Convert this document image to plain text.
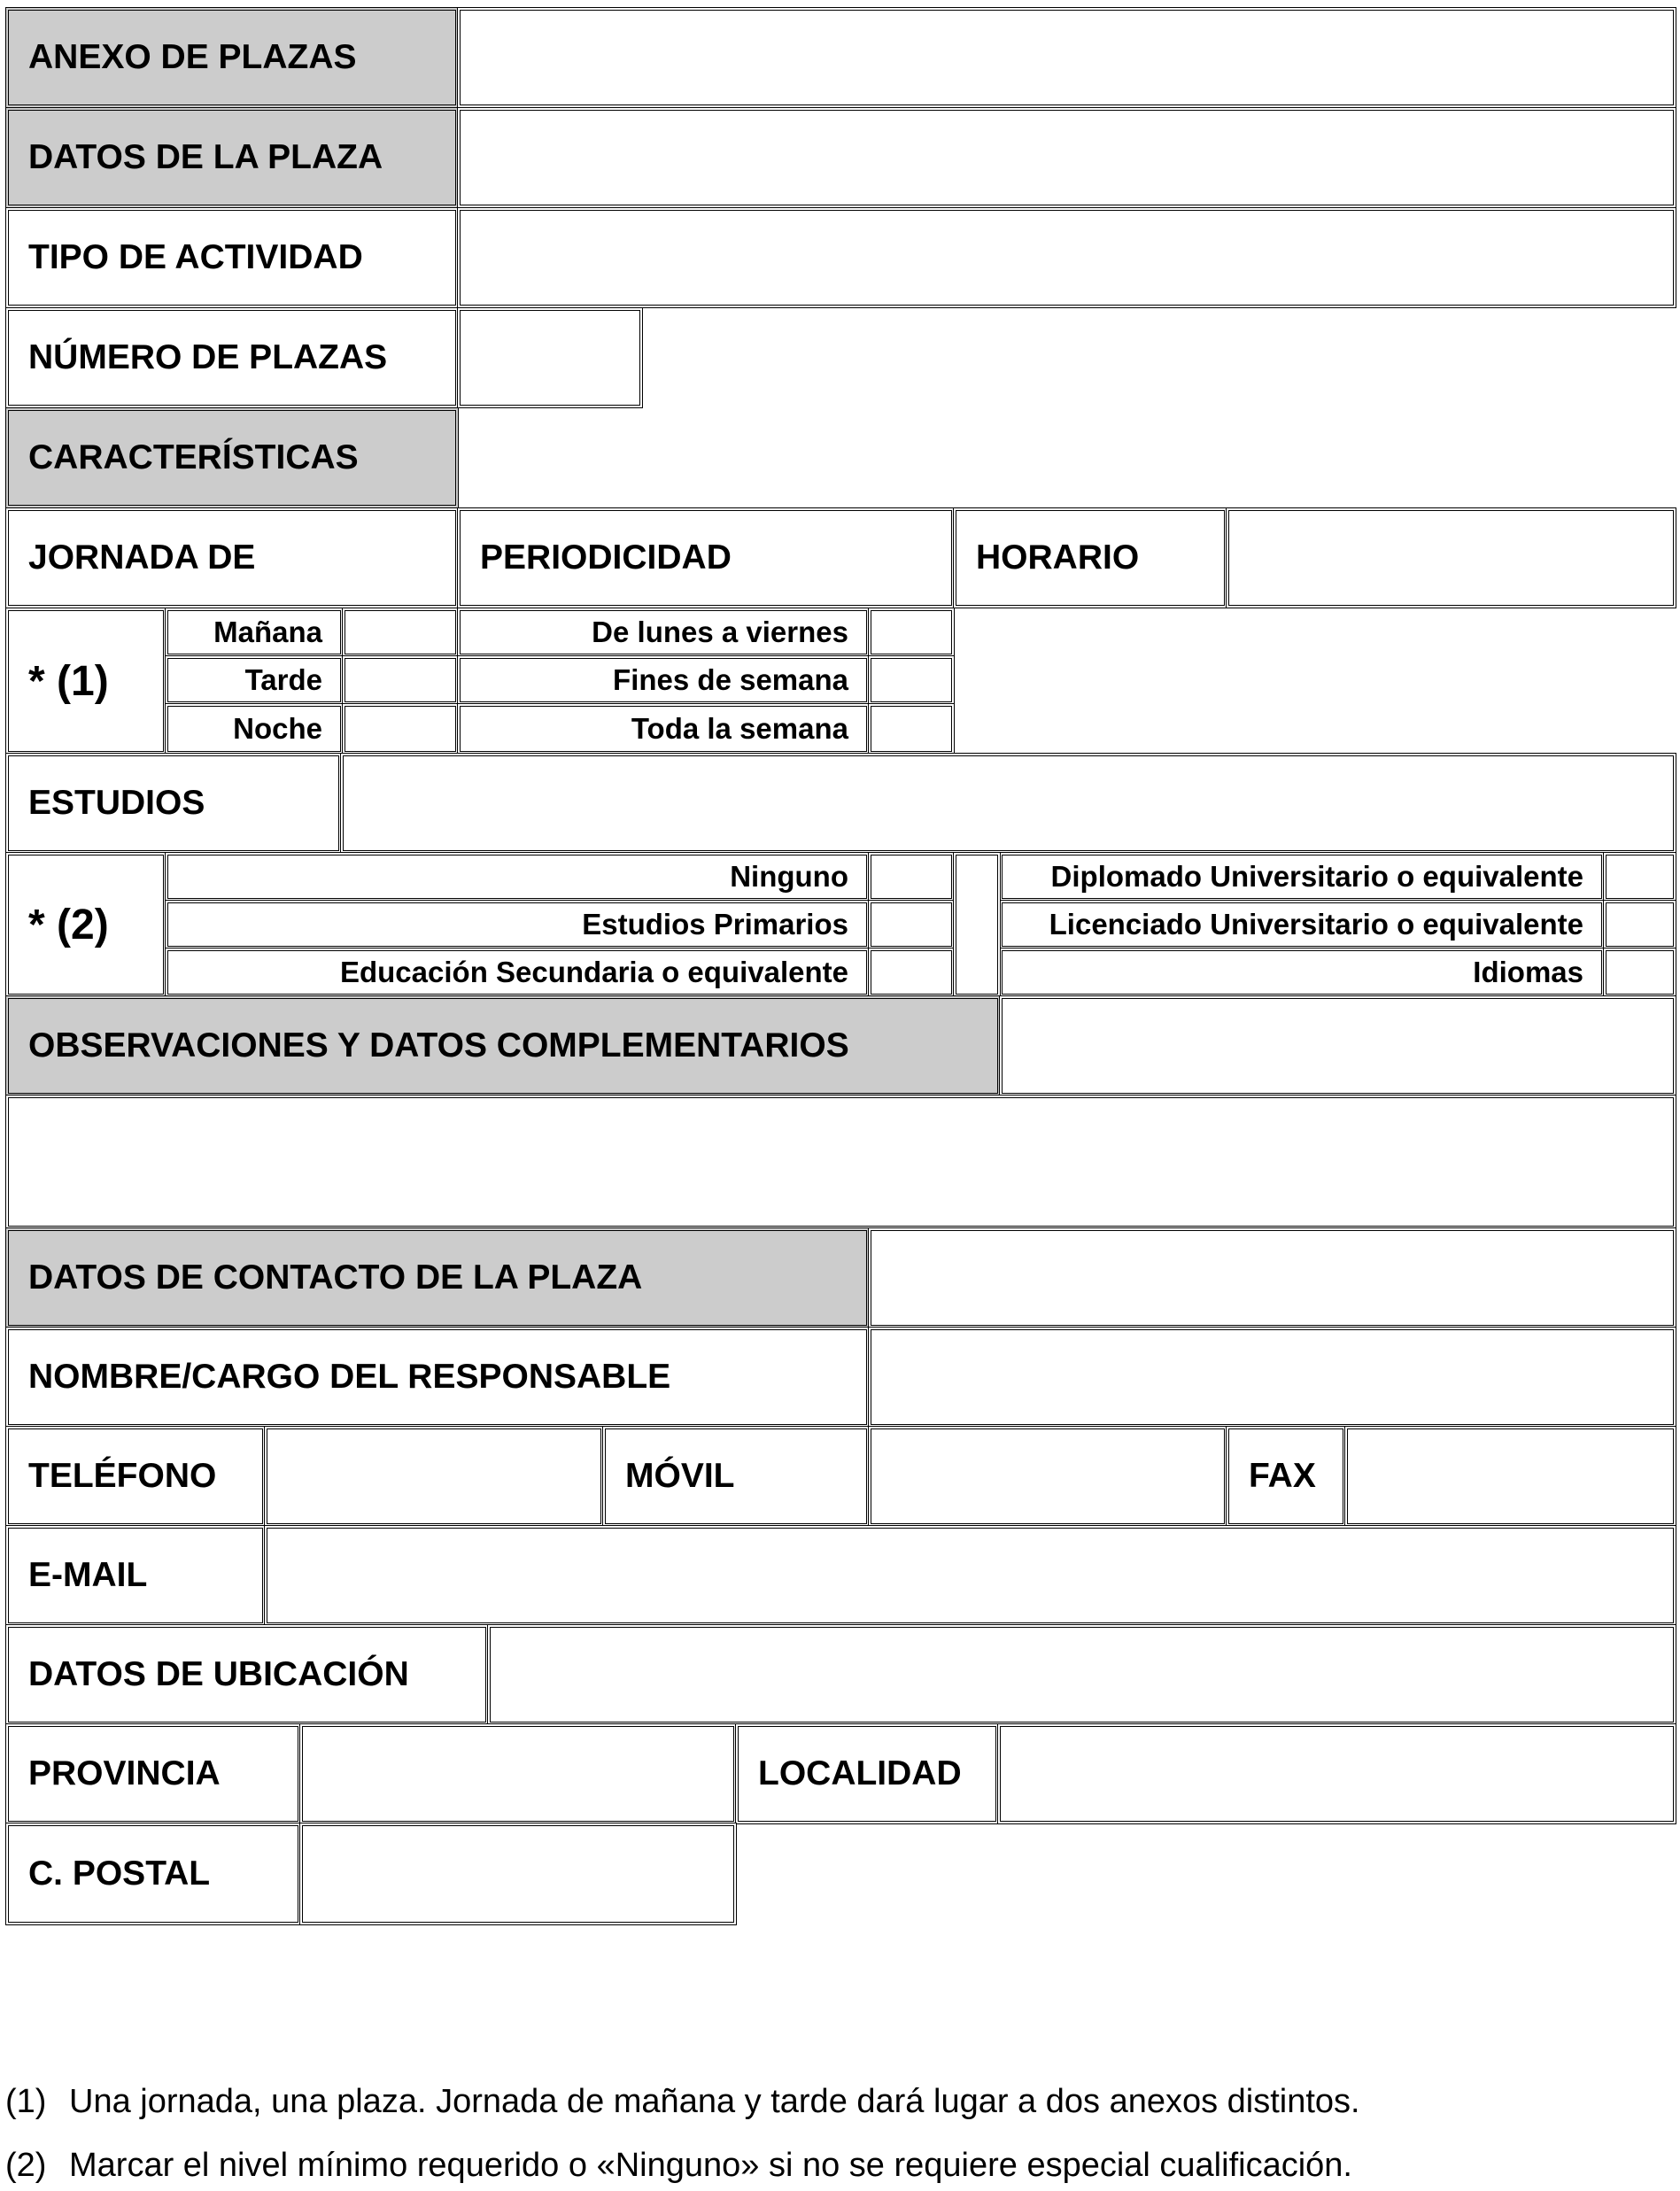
ANEXO DE PLAZAS
DATOS DE LA PLAZA
TIPO DE ACTIVIDAD
NÚMERO DE PLAZAS
CARACTERÍSTICAS
JORNADA DE	PERIODICIDAD	HORARIO
* (1)
Mañana	De lunes a viernes
Tarde	Fines de semana
Noche	Toda la semana
ESTUDIOS
* (2)
Ninguno	Diplomado Universitario o equivalente
Estudios Primarios	Licenciado Universitario o equivalente
Educación Secundaria o equivalente	Idiomas
OBSERVACIONES Y DATOS COMPLEMENTARIOS
DATOS DE CONTACTO DE LA PLAZA
NOMBRE/CARGO DEL RESPONSABLE
TELÉFONO	MÓVIL	FAX
E-MAIL
DATOS DE UBICACIÓN
PROVINCIA	LOCALIDAD
C. POSTAL
(1) Una jornada, una plaza. Jornada de mañana y tarde dará lugar a dos anexos distintos.
(2) Marcar el nivel mínimo requerido o «Ninguno» si no se requiere especial cualificación.
